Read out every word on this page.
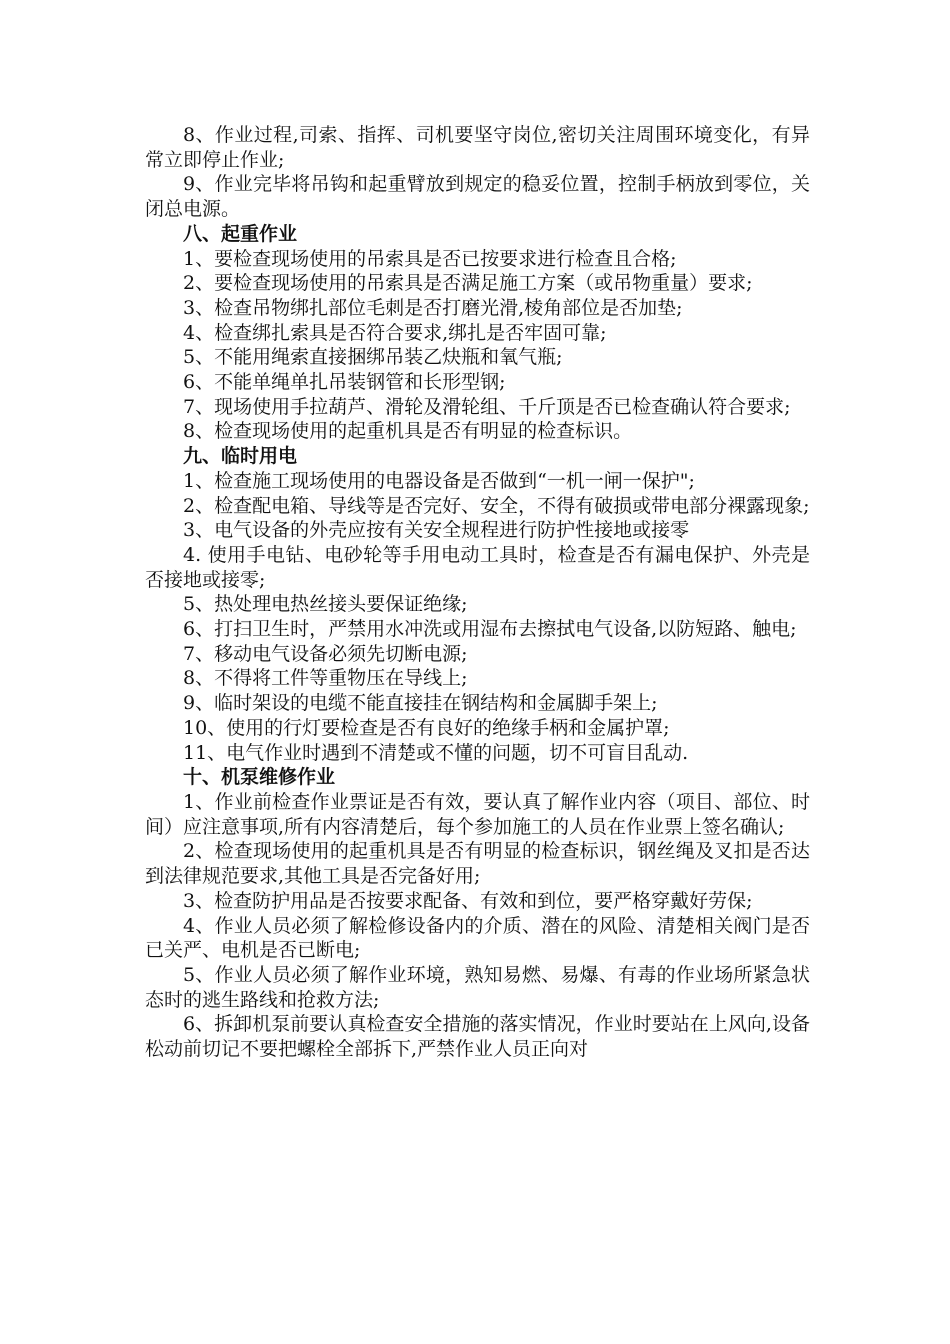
8、作业过程,司索、指挥、司机要坚守岗位,密切关注周围环境变化，有异常立即停止作业;

9、作业完毕将吊钩和起重臂放到规定的稳妥位置，控制手柄放到零位，关闭总电源。

八、起重作业

1、要检查现场使用的吊索具是否已按要求进行检查且合格;

2、要检查现场使用的吊索具是否满足施工方案（或吊物重量）要求;

3、检查吊物绑扎部位毛刺是否打磨光滑,棱角部位是否加垫;

4、检查绑扎索具是否符合要求,绑扎是否牢固可靠;

5、不能用绳索直接捆绑吊装乙炔瓶和氧气瓶;

6、不能单绳单扎吊装钢管和长形型钢;

7、现场使用手拉葫芦、滑轮及滑轮组、千斤顶是否已检查确认符合要求;

8、检查现场使用的起重机具是否有明显的检查标识。

九、临时用电

1、检查施工现场使用的电器设备是否做到“一机一闸一保护";

2、检查配电箱、导线等是否完好、安全，不得有破损或带电部分裸露现象;

3、电气设备的外壳应按有关安全规程进行防护性接地或接零

4. 使用手电钻、电砂轮等手用电动工具时，检查是否有漏电保护、外壳是否接地或接零;

5、热处理电热丝接头要保证绝缘;

6、打扫卫生时，严禁用水冲洗或用湿布去擦拭电气设备,以防短路、触电;

7、移动电气设备必须先切断电源;

8、不得将工件等重物压在导线上;

9、临时架设的电缆不能直接挂在钢结构和金属脚手架上;

10、使用的行灯要检查是否有良好的绝缘手柄和金属护罩;

11、电气作业时遇到不清楚或不懂的问题，切不可盲目乱动.

十、机泵维修作业

1、作业前检查作业票证是否有效，要认真了解作业内容（项目、部位、时间）应注意事项,所有内容清楚后，每个参加施工的人员在作业票上签名确认;

2、检查现场使用的起重机具是否有明显的检查标识，钢丝绳及叉扣是否达到法律规范要求,其他工具是否完备好用;

3、检查防护用品是否按要求配备、有效和到位，要严格穿戴好劳保;

4、作业人员必须了解检修设备内的介质、潜在的风险、清楚相关阀门是否已关严、电机是否已断电;

5、作业人员必须了解作业环境，熟知易燃、易爆、有毒的作业场所紧急状态时的逃生路线和抢救方法;

6、拆卸机泵前要认真检查安全措施的落实情况，作业时要站在上风向,设备松动前切记不要把螺栓全部拆下,严禁作业人员正向对
